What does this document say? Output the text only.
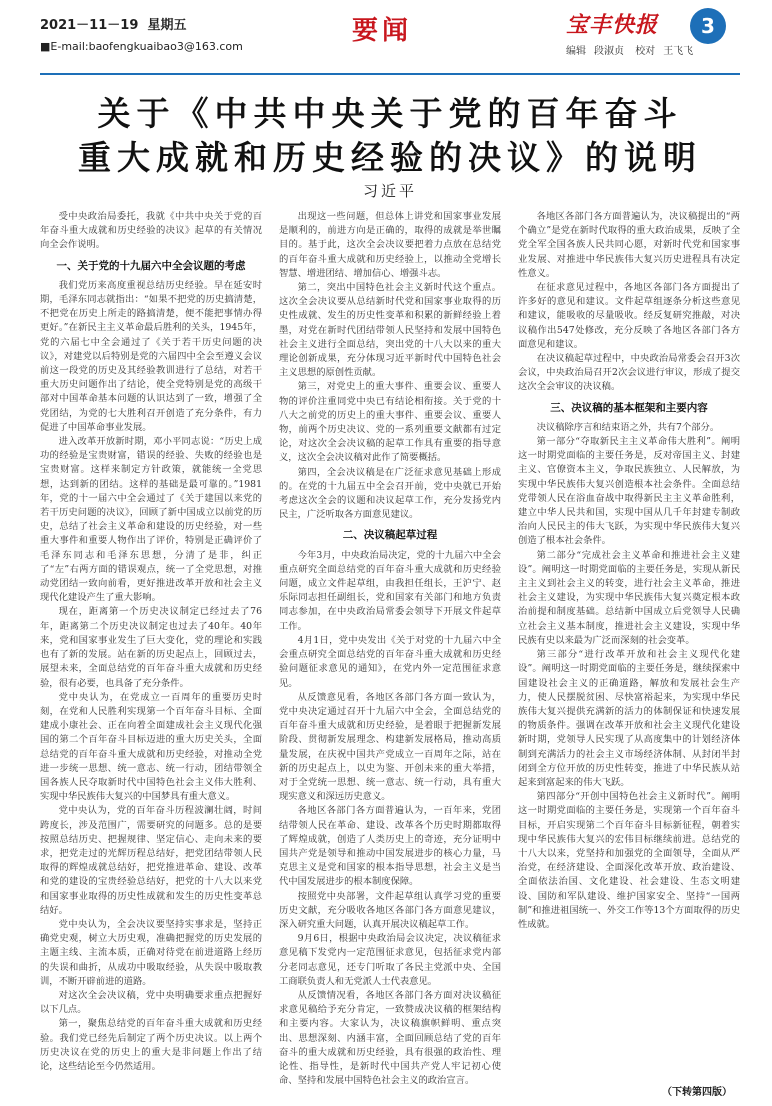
2021－11－19 星期五
■E-mail:baofengkuaibao3@163.com
要闻	宝丰快报	3
编辑 段淑贞 校对 王飞飞
关于《中共中央关于党的百年奋斗
重大成就和历史经验的决议》的说明
习近平

受中央政治局委托，我就《中共中央关于党的百年奋斗重大成就和历史经验的决议》起草的有关情况向全会作说明。

一、关于党的十九届六中全会议题的考虑

我们党历来高度重视总结历史经验。早在延安时期，毛泽东同志就指出：“如果不把党的历史搞清楚，不把党在历史上所走的路搞清楚，便不能把事情办得更好。”在新民主主义革命最后胜利的关头，1945年，党的六届七中全会通过了《关于若干历史问题的决议》，对建党以后特别是党的六届四中全会至遵义会议前这一段党的历史及其经验教训进行了总结，对若干重大历史问题作出了结论，使全党特别是党的高级干部对中国革命基本问题的认识达到了一致，增强了全党团结，为党的七大胜利召开创造了充分条件，有力促进了中国革命事业发展。

进入改革开放新时期，邓小平同志说：“历史上成功的经验是宝贵财富，错误的经验、失败的经验也是宝贵财富。这样来制定方针政策，就能统一全党思想，达到新的团结。这样的基础是最可靠的。”1981年，党的十一届六中全会通过了《关于建国以来党的若干历史问题的决议》，回顾了新中国成立以前党的历史，总结了社会主义革命和建设的历史经验，对一些重大事件和重要人物作出了评价，特别是正确评价了毛泽东同志和毛泽东思想，分清了是非，纠正了“左”右两方面的错误观点，统一了全党思想，对推动党团结一致向前看，更好推进改革开放和社会主义现代化建设产生了重大影响。

现在，距离第一个历史决议制定已经过去了76年，距离第二个历史决议制定也过去了40年。40年来，党和国家事业发生了巨大变化，党的理论和实践也有了新的发展。站在新的历史起点上，回顾过去，展望未来，全面总结党的百年奋斗重大成就和历史经验，很有必要，也具备了充分条件。

党中央认为，在党成立一百周年的重要历史时刻，在党和人民胜利实现第一个百年奋斗目标、全面建成小康社会、正在向着全面建成社会主义现代化强国的第二个百年奋斗目标迈进的重大历史关头，全面总结党的百年奋斗重大成就和历史经验，对推动全党进一步统一思想、统一意志、统一行动，团结带领全国各族人民夺取新时代中国特色社会主义伟大胜利、实现中华民族伟大复兴的中国梦具有重大意义。

党中央认为，党的百年奋斗历程波澜壮阔，时间跨度长，涉及范围广，需要研究的问题多。总的是要按照总结历史、把握规律、坚定信心、走向未来的要求，把党走过的光辉历程总结好，把党团结带领人民取得的辉煌成就总结好，把党推进革命、建设、改革和党的建设的宝贵经验总结好，把党的十八大以来党和国家事业取得的历史性成就和发生的历史性变革总结好。

党中央认为，全会决议要坚持实事求是，坚持正确党史观，树立大历史观，准确把握党的历史发展的主题主线、主流本质，正确对待党在前进道路上经历的失误和曲折，从成功中吸取经验，从失误中吸取教训，不断开辟前进的道路。

对这次全会决议稿，党中央明确要求重点把握好以下几点。

第一，聚焦总结党的百年奋斗重大成就和历史经验。我们党已经先后制定了两个历史决议。以上两个历史决议在党的历史上的重大是非问题上作出了结论，这些结论至今仍然适用。

出现这一些问题，但总体上讲党和国家事业发展是顺利的，前进方向是正确的，取得的成就是举世瞩目的。基于此，这次全会决议要把着力点放在总结党的百年奋斗重大成就和历史经验上，以推动全党增长智慧、增进团结、增加信心、增强斗志。

第二，突出中国特色社会主义新时代这个重点。这次全会决议要从总结新时代党和国家事业取得的历史性成就、发生的历史性变革和积累的新鲜经验上着墨，对党在新时代团结带领人民坚持和发展中国特色社会主义进行全面总结，突出党的十八大以来的重大理论创新成果，充分体现习近平新时代中国特色社会主义思想的原创性贡献。

第三，对党史上的重大事件、重要会议、重要人物的评价注重同党中央已有结论相衔接。关于党的十八大之前党的历史上的重大事件、重要会议、重要人物，前两个历史决议、党的一系列重要文献都有过定论，对这次全会决议稿的起草工作具有重要的指导意义，这次全会决议稿对此作了简要概括。

第四，全会决议稿是在广泛征求意见基础上形成的。在党的十九届五中全会召开前，党中央就已开始考虑这次全会的议题和决议起草工作，充分发扬党内民主，广泛听取各方面意见建议。

二、决议稿起草过程

今年3月，中央政治局决定，党的十九届六中全会重点研究全面总结党的百年奋斗重大成就和历史经验问题，成立文件起草组，由我担任组长，王沪宁、赵乐际同志担任副组长，党和国家有关部门和地方负责同志参加，在中央政治局常委会领导下开展文件起草工作。

4月1日，党中央发出《关于对党的十九届六中全会重点研究全面总结党的百年奋斗重大成就和历史经验问题征求意见的通知》，在党内外一定范围征求意见。

从反馈意见看，各地区各部门各方面一致认为，党中央决定通过召开十九届六中全会，全面总结党的百年奋斗重大成就和历史经验，是着眼于把握新发展阶段、贯彻新发展理念、构建新发展格局，推动高质量发展，在庆祝中国共产党成立一百周年之际，站在新的历史起点上，以史为鉴、开创未来的重大举措，对于全党统一思想、统一意志、统一行动，具有重大现实意义和深远历史意义。

各地区各部门各方面普遍认为，一百年来，党团结带领人民在革命、建设、改革各个历史时期都取得了辉煌成就，创造了人类历史上的奇迹，充分证明中国共产党是领导和推动中国发展进步的核心力量，马克思主义是党和国家的根本指导思想，社会主义是当代中国发展进步的根本制度保障。

按照党中央部署，文件起草组认真学习党的重要历史文献，充分吸收各地区各部门各方面意见建议，深入研究重大问题，认真开展决议稿起草工作。

9月6日，根据中央政治局会议决定，决议稿征求意见稿下发党内一定范围征求意见，包括征求党内部分老同志意见，还专门听取了各民主党派中央、全国工商联负责人和无党派人士代表意见。

从反馈情况看，各地区各部门各方面对决议稿征求意见稿给予充分肯定，一致赞成决议稿的框架结构和主要内容。大家认为，决议稿旗帜鲜明、重点突出、思想深刻、内涵丰富，全面回顾总结了党的百年奋斗的重大成就和历史经验，具有很强的政治性、理论性、指导性，是新时代中国共产党人牢记初心使命、坚持和发展中国特色社会主义的政治宣言。

各地区各部门各方面普遍认为，决议稿提出的“两个确立”是党在新时代取得的重大政治成果，反映了全党全军全国各族人民共同心愿，对新时代党和国家事业发展、对推进中华民族伟大复兴历史进程具有决定性意义。

在征求意见过程中，各地区各部门各方面提出了许多好的意见和建议。文件起草组逐条分析这些意见和建议，能吸收的尽量吸收。经反复研究推敲，对决议稿作出547处修改，充分反映了各地区各部门各方面意见和建议。

在决议稿起草过程中，中央政治局常委会召开3次会议，中央政治局召开2次会议进行审议，形成了提交这次全会审议的决议稿。

三、决议稿的基本框架和主要内容

决议稿除序言和结束语之外，共有7个部分。

第一部分“夺取新民主主义革命伟大胜利”。阐明这一时期党面临的主要任务是，反对帝国主义、封建主义、官僚资本主义，争取民族独立、人民解放，为实现中华民族伟大复兴创造根本社会条件。全面总结党带领人民在浴血奋战中取得新民主主义革命胜利，建立中华人民共和国，实现中国从几千年封建专制政治向人民民主的伟大飞跃，为实现中华民族伟大复兴创造了根本社会条件。

第二部分“完成社会主义革命和推进社会主义建设”。阐明这一时期党面临的主要任务是，实现从新民主主义到社会主义的转变，进行社会主义革命，推进社会主义建设，为实现中华民族伟大复兴奠定根本政治前提和制度基础。总结新中国成立后党领导人民确立社会主义基本制度，推进社会主义建设，实现中华民族有史以来最为广泛而深刻的社会变革。

第三部分“进行改革开放和社会主义现代化建设”。阐明这一时期党面临的主要任务是，继续探索中国建设社会主义的正确道路，解放和发展社会生产力，使人民摆脱贫困、尽快富裕起来，为实现中华民族伟大复兴提供充满新的活力的体制保证和快速发展的物质条件。强调在改革开放和社会主义现代化建设新时期，党领导人民实现了从高度集中的计划经济体制到充满活力的社会主义市场经济体制、从封闭半封闭到全方位开放的历史性转变，推进了中华民族从站起来到富起来的伟大飞跃。

第四部分“开创中国特色社会主义新时代”。阐明这一时期党面临的主要任务是，实现第一个百年奋斗目标，开启实现第二个百年奋斗目标新征程，朝着实现中华民族伟大复兴的宏伟目标继续前进。总结党的十八大以来，党坚持和加强党的全面领导，全面从严治党，在经济建设、全面深化改革开放、政治建设、全面依法治国、文化建设、社会建设、生态文明建设、国防和军队建设、维护国家安全、坚持“一国两制”和推进祖国统一、外交工作等13个方面取得的历史性成就。

（下转第四版）
